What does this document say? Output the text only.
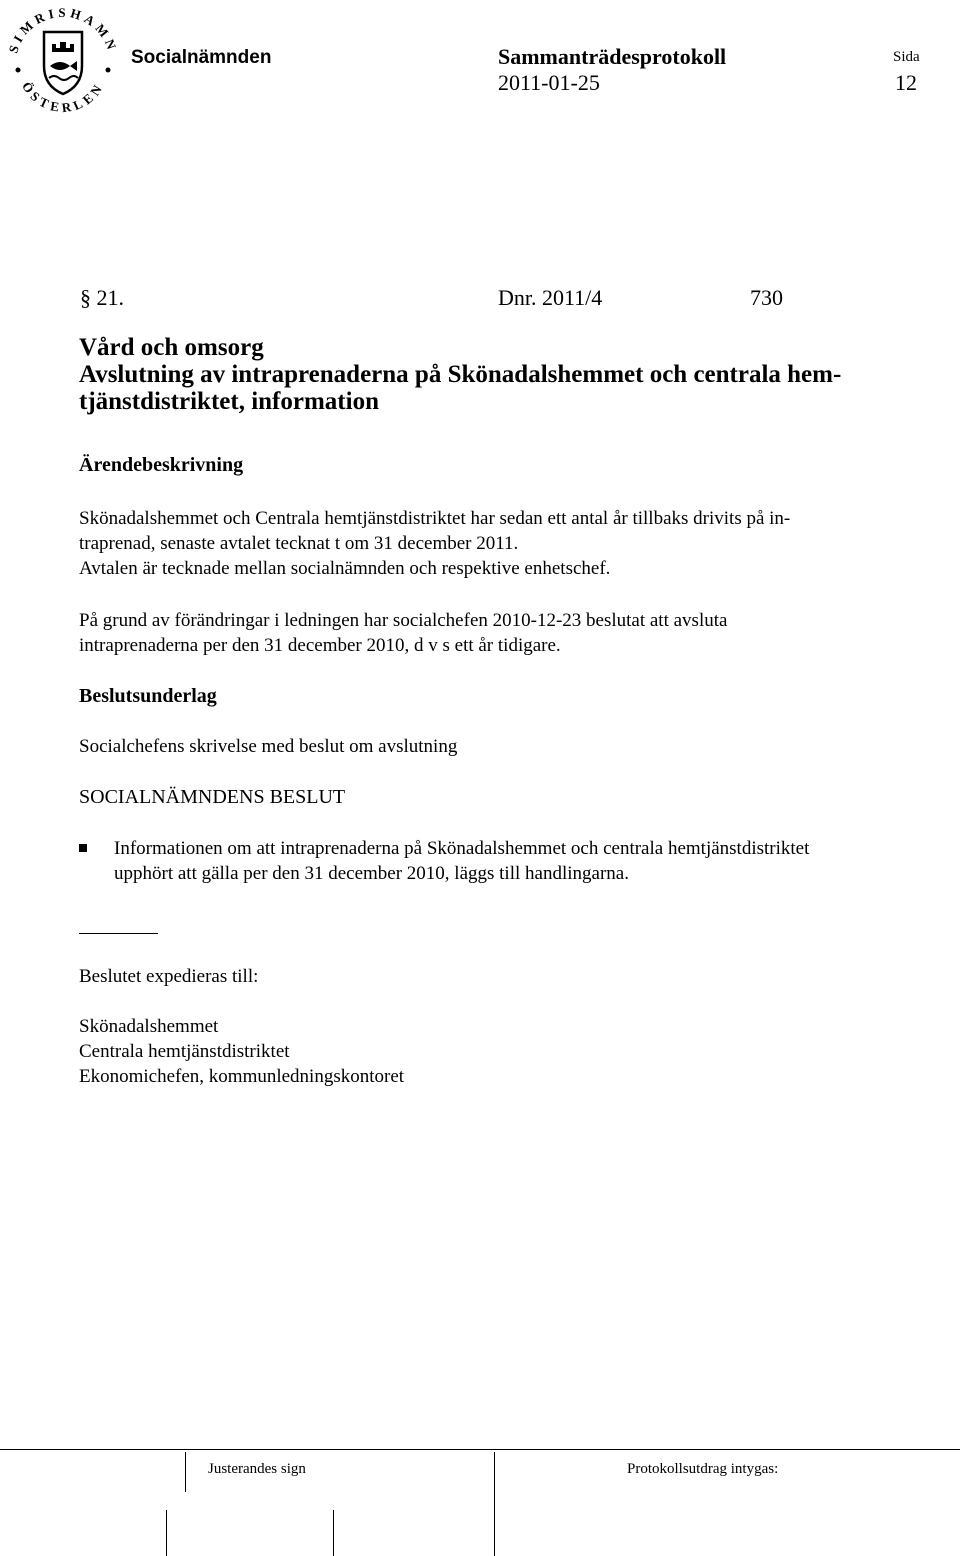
SIMRISHAMN
ÖSTERLEN
Socialnämnden	Sammanträdesprotokoll
2011-01-25
Sida
12
§ 21.	Dnr. 2011/4	730
Vård och omsorg
Avslutning av intraprenaderna på Skönadalshemmet och centrala hem-
tjänstdistriktet, information
Ärendebeskrivning
Skönadalshemmet och Centrala hemtjänstdistriktet har sedan ett antal år tillbaks drivits på in-
traprenad, senaste avtalet tecknat t om 31 december 2011.
Avtalen är tecknade mellan socialnämnden och respektive enhetschef.
På grund av förändringar i ledningen har socialchefen 2010-12-23 beslutat att avsluta
intraprenaderna per den 31 december 2010, d v s ett år tidigare.
Beslutsunderlag
Socialchefens skrivelse med beslut om avslutning
SOCIALNÄMNDENS BESLUT
Informationen om att intraprenaderna på Skönadalshemmet och centrala hemtjänstdistriktet
upphört att gälla per den 31 december 2010, läggs till handlingarna.
Beslutet expedieras till:
Skönadalshemmet
Centrala hemtjänstdistriktet
Ekonomichefen, kommunledningskontoret
Justerandes sign	Protokollsutdrag intygas:
